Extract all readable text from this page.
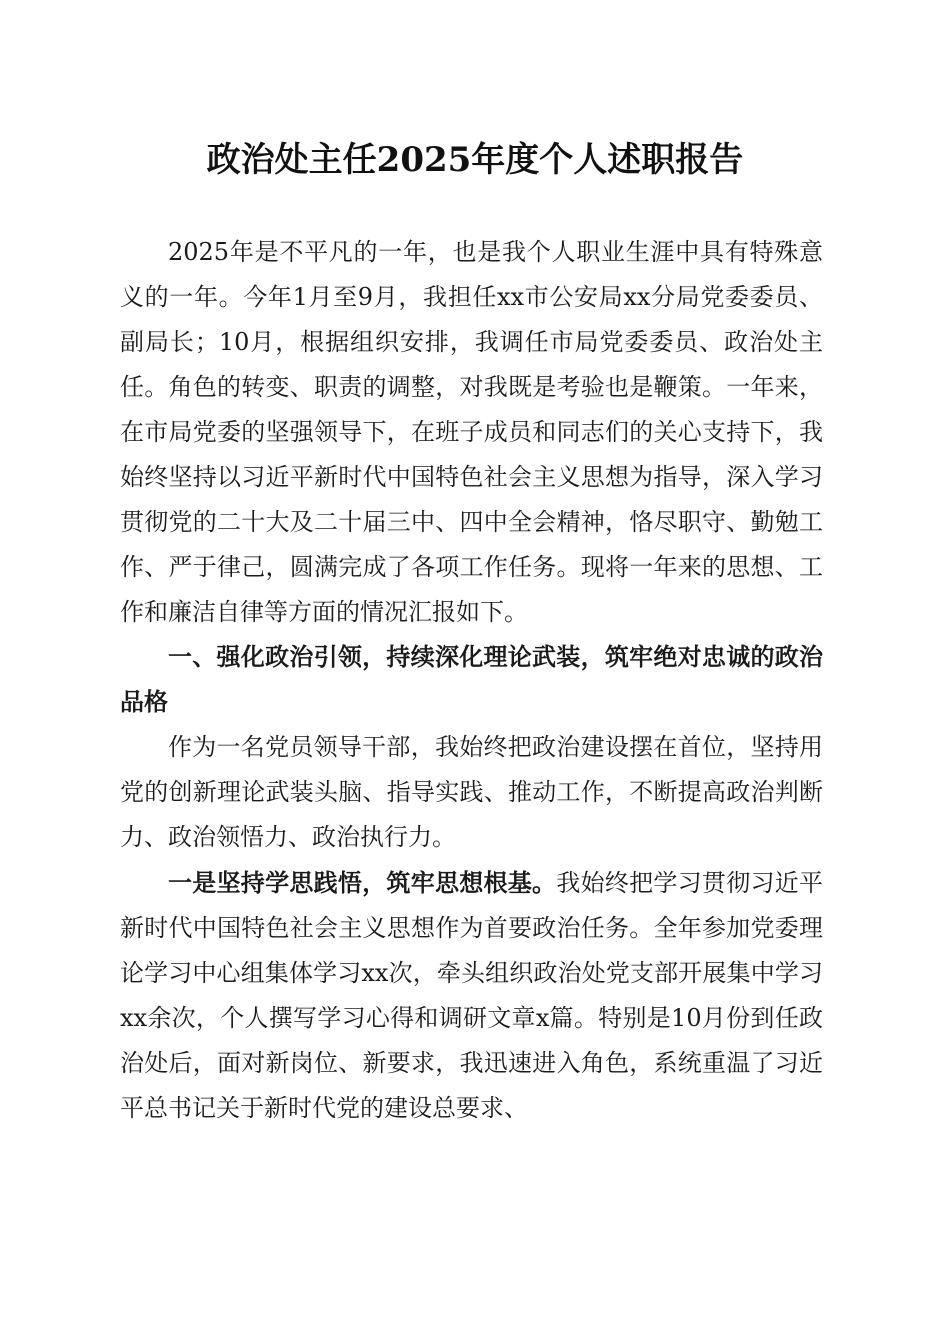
政治处主任2025年度个人述职报告

2025年是不平凡的一年，也是我个人职业生涯中具有特殊意义的一年。今年1月至9月，我担任xx市公安局xx分局党委委员、副局长；10月，根据组织安排，我调任市局党委委员、政治处主任。角色的转变、职责的调整，对我既是考验也是鞭策。一年来，在市局党委的坚强领导下，在班子成员和同志们的关心支持下，我始终坚持以习近平新时代中国特色社会主义思想为指导，深入学习贯彻党的二十大及二十届三中、四中全会精神，恪尽职守、勤勉工作、严于律己，圆满完成了各项工作任务。现将一年来的思想、工作和廉洁自律等方面的情况汇报如下。

一、强化政治引领，持续深化理论武装，筑牢绝对忠诚的政治品格

作为一名党员领导干部，我始终把政治建设摆在首位，坚持用党的创新理论武装头脑、指导实践、推动工作，不断提高政治判断力、政治领悟力、政治执行力。

一是坚持学思践悟，筑牢思想根基。我始终把学习贯彻习近平新时代中国特色社会主义思想作为首要政治任务。全年参加党委理论学习中心组集体学习xx次，牵头组织政治处党支部开展集中学习xx余次，个人撰写学习心得和调研文章x篇。特别是10月份到任政治处后，面对新岗位、新要求，我迅速进入角色，系统重温了习近平总书记关于新时代党的建设总要求、
